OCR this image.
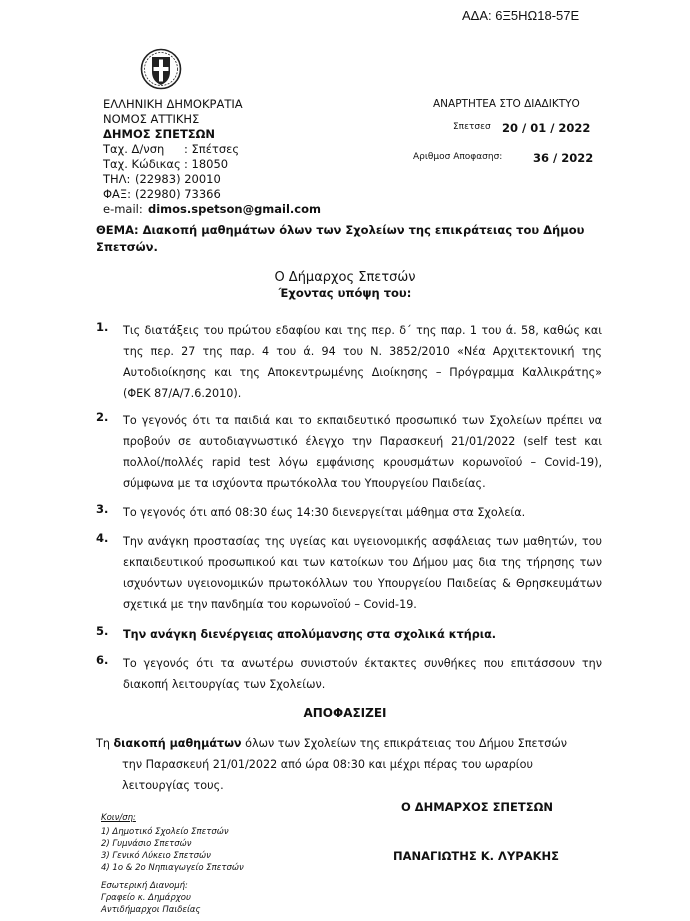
ΑΔΑ: 6Ξ5ΗΩ18-57Ε
ΕΛΛΗΝΙΚΗ ΔΗΜΟΚΡΑΤΙΑ
ΝΟΜΟΣ ΑΤΤΙΚΗΣ
ΔΗΜΟΣ ΣΠΕΤΣΩΝ
Ταχ. Δ/νση : Σπέτσες
Ταχ. Κώδικας : 18050
ΤΗΛ: (22983) 20010
ΦΑΞ: (22980) 73366
e-mail: dimos.spetson@gmail.com
ΑΝΑΡΤΗΤΕΑ ΣΤΟ ΔΙΑΔΙΚΤΥΟ
Σπετσεσ 20 / 01 / 2022
Αριθμοσ Αποφασησ:	36 / 2022
ΘΕΜΑ: Διακοπή μαθημάτων όλων των Σχολείων της επικράτειας του Δήμου Σπετσών.
Ο Δήμαρχος Σπετσών
Έχοντας υπόψη του:
1. Τις διατάξεις του πρώτου εδαφίου και της περ. δ΄ της παρ. 1 του ά. 58, καθώς και της περ. 27 της παρ. 4 του ά. 94 του Ν. 3852/2010 «Νέα Αρχιτεκτονική της Αυτοδιοίκησης και της Αποκεντρωμένης Διοίκησης – Πρόγραμμα Καλλικράτης» (ΦΕΚ 87/Α/7.6.2010).
2. Το γεγονός ότι τα παιδιά και το εκπαιδευτικό προσωπικό των Σχολείων πρέπει να προβούν σε αυτοδιαγνωστικό έλεγχο την Παρασκευή 21/01/2022 (self test και πολλοί/πολλές rapid test λόγω εμφάνισης κρουσμάτων κορωνοϊού – Covid-19), σύμφωνα με τα ισχύοντα πρωτόκολλα του Υπουργείου Παιδείας.
3. Το γεγονός ότι από 08:30 έως 14:30 διενεργείται μάθημα στα Σχολεία.
4. Την ανάγκη προστασίας της υγείας και υγειονομικής ασφάλειας των μαθητών, του εκπαιδευτικού προσωπικού και των κατοίκων του Δήμου μας δια της τήρησης των ισχυόντων υγειονομικών πρωτοκόλλων του Υπουργείου Παιδείας & Θρησκευμάτων σχετικά με την πανδημία του κορωνοϊού – Covid-19.
5. Την ανάγκη διενέργειας απολύμανσης στα σχολικά κτήρια.
6. Το γεγονός ότι τα ανωτέρω συνιστούν έκτακτες συνθήκες που επιτάσσουν την διακοπή λειτουργίας των Σχολείων.
ΑΠΟΦΑΣΙΖΕΙ
Τη διακοπή μαθημάτων όλων των Σχολείων της επικράτειας του Δήμου Σπετσών
την Παρασκευή 21/01/2022 από ώρα 08:30 και μέχρι πέρας του ωραρίου
λειτουργίας τους.
Ο ΔΗΜΑΡΧΟΣ ΣΠΕΤΣΩΝ
ΠΑΝΑΓΙΩΤΗΣ Κ. ΛΥΡΑΚΗΣ
Κοιν/ση:
1) Δημοτικό Σχολείο Σπετσών
2) Γυμνάσιο Σπετσών
3) Γενικό Λύκειο Σπετσών
4) 1ο & 2ο Νηπιαγωγείο Σπετσών
Εσωτερική Διανομή:
Γραφείο κ. Δημάρχου
Αντιδήμαρχοι Παιδείας
